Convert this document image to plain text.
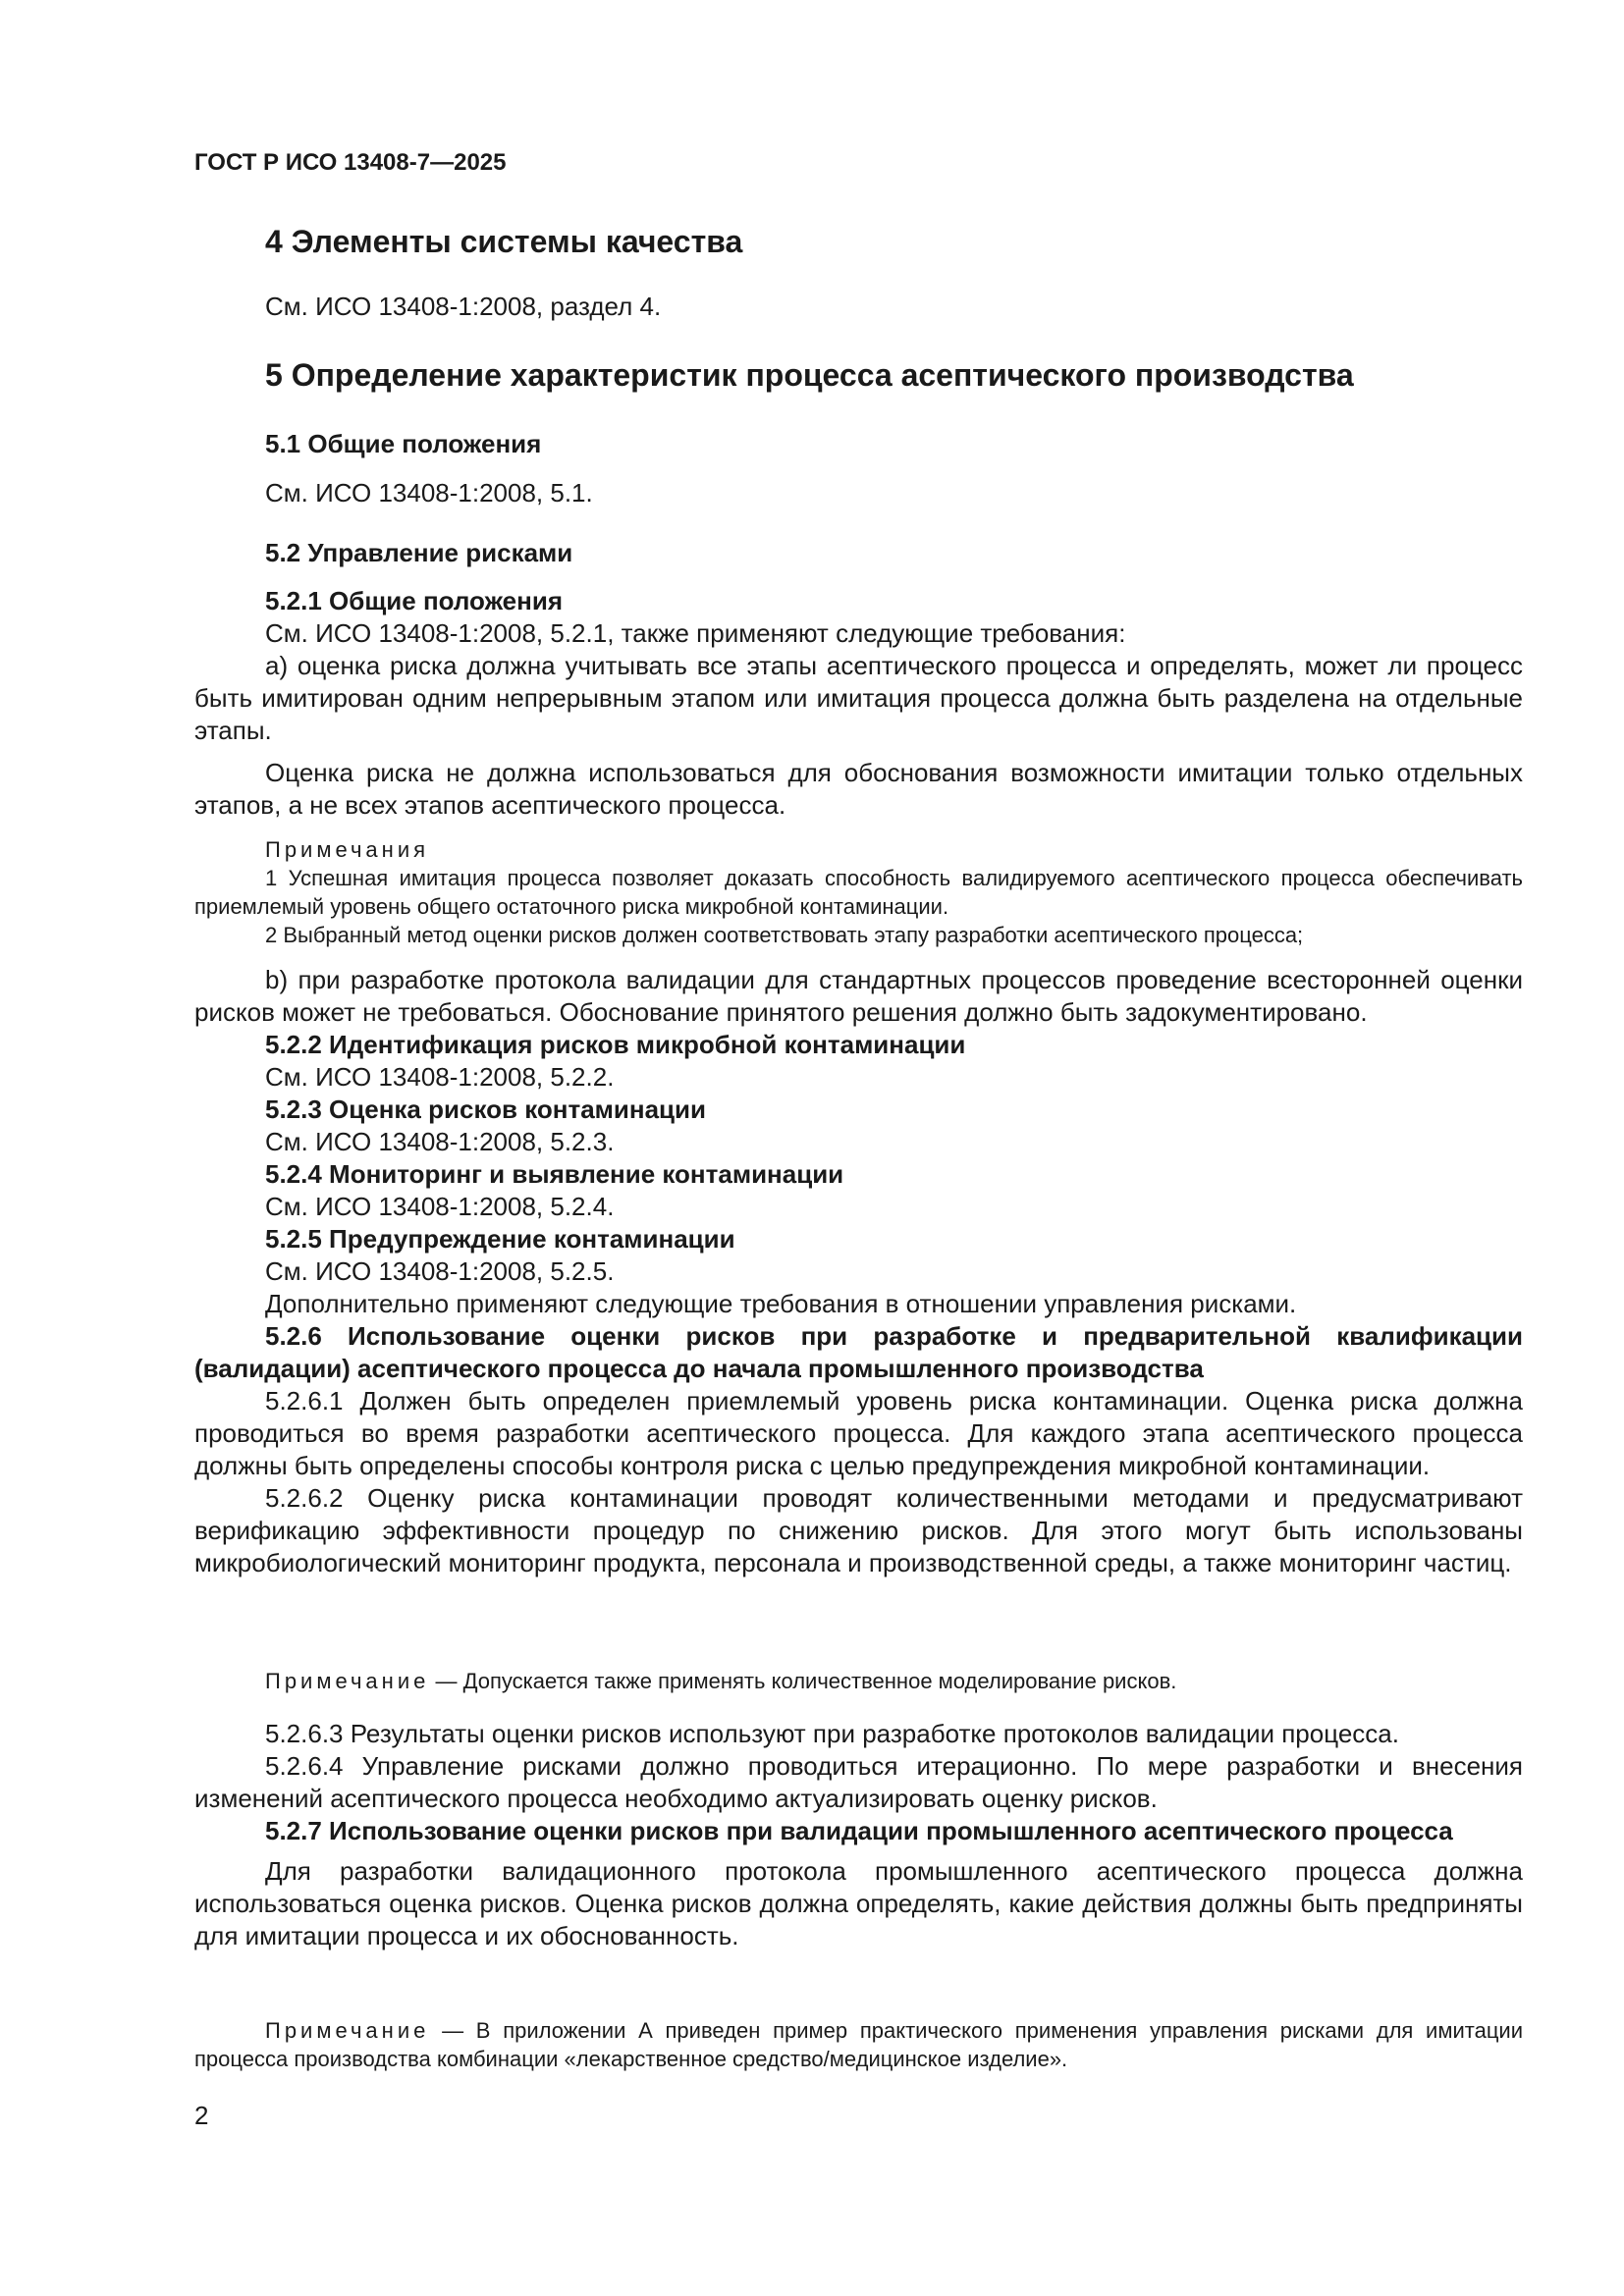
ГОСТ Р ИСО 13408-7—2025

4 Элементы системы качества

См. ИСО 13408-1:2008, раздел 4.

5 Определение характеристик процесса асептического производства

5.1 Общие положения

См. ИСО 13408-1:2008, 5.1.

5.2 Управление рисками

5.2.1 Общие положения

См. ИСО 13408-1:2008, 5.2.1, также применяют следующие требования:

а) оценка риска должна учитывать все этапы асептического процесса и определять, может ли процесс быть имитирован одним непрерывным этапом или имитация процесса должна быть разделена на отдельные этапы.

Оценка риска не должна использоваться для обоснования возможности имитации только отдельных этапов, а не всех этапов асептического процесса.

Примечания

1 Успешная имитация процесса позволяет доказать способность валидируемого асептического процесса обеспечивать приемлемый уровень общего остаточного риска микробной контаминации.

2 Выбранный метод оценки рисков должен соответствовать этапу разработки асептического процесса;

b) при разработке протокола валидации для стандартных процессов проведение всесторонней оценки рисков может не требоваться. Обоснование принятого решения должно быть задокументировано.

5.2.2 Идентификация рисков микробной контаминации

См. ИСО 13408-1:2008, 5.2.2.

5.2.3 Оценка рисков контаминации

См. ИСО 13408-1:2008, 5.2.3.

5.2.4 Мониторинг и выявление контаминации

См. ИСО 13408-1:2008, 5.2.4.

5.2.5 Предупреждение контаминации

См. ИСО 13408-1:2008, 5.2.5.

Дополнительно применяют следующие требования в отношении управления рисками.

5.2.6 Использование оценки рисков при разработке и предварительной квалификации (валидации) асептического процесса до начала промышленного производства

5.2.6.1 Должен быть определен приемлемый уровень риска контаминации. Оценка риска должна проводиться во время разработки асептического процесса. Для каждого этапа асептического процесса должны быть определены способы контроля риска с целью предупреждения микробной контаминации.

5.2.6.2 Оценку риска контаминации проводят количественными методами и предусматривают верификацию эффективности процедур по снижению рисков. Для этого могут быть использованы микробиологический мониторинг продукта, персонала и производственной среды, а также мониторинг частиц.

Примечание — Допускается также применять количественное моделирование рисков.

5.2.6.3 Результаты оценки рисков используют при разработке протоколов валидации процесса.

5.2.6.4 Управление рисками должно проводиться итерационно. По мере разработки и внесения изменений асептического процесса необходимо актуализировать оценку рисков.

5.2.7 Использование оценки рисков при валидации промышленного асептического процесса

Для разработки валидационного протокола промышленного асептического процесса должна использоваться оценка рисков. Оценка рисков должна определять, какие действия должны быть предприняты для имитации процесса и их обоснованность.

Примечание — В приложении А приведен пример практического применения управления рисками для имитации процесса производства комбинации «лекарственное средство/медицинское изделие».

2
